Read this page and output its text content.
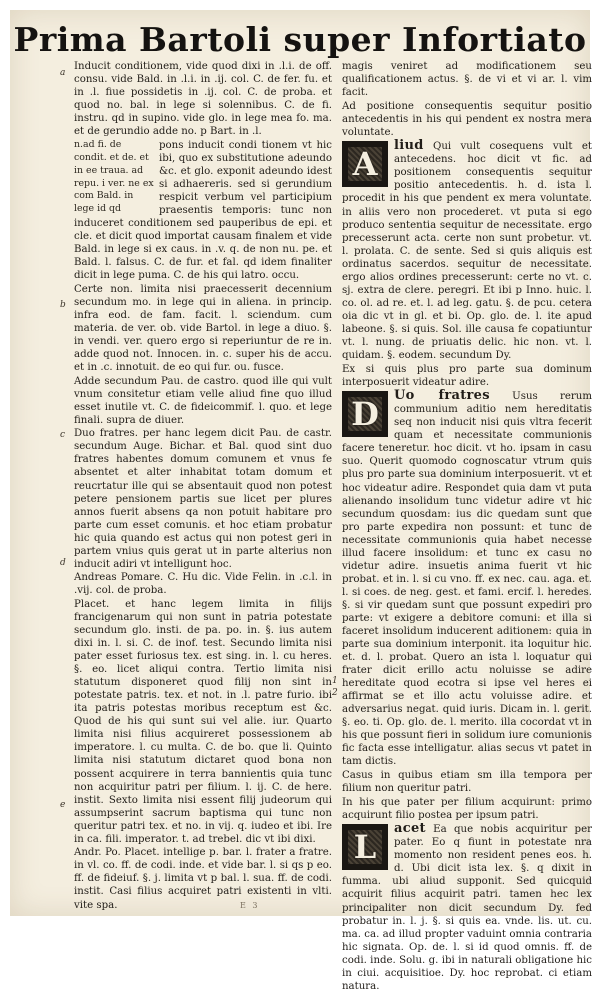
Prima Bartoli super Infortiato
a
b
c
d
e
1
2

Inducit conditionem, vide quod dixi in .l.i. de off. consu. vide Bald. in .l.i. in .ij. col. C. de fer. fu. et in .l. fiue possidetis in .ij. col. C. de proba. et quod no. bal. in lege si solennibus. C. de fi. instru. qd in supino. vide glo. in lege mea fo. ma. et de gerundio adde no. p Bart. in .l.

n.ad fi. de condit. et de. et in ee traua. ad repu. i ver. ne ex com Bald. in lege id qd
pons inducit condi tionem vt hic ibi, quo ex substitutione adeundo &c. et glo. exponit adeundo idest si adhaereris. sed si gerundium respicit verbum vel participium praesentis temporis: tunc non induceret conditionem sed pauperibus de epi. et cle. et dicit quod importat causam finalem et vide Bald. in lege si ex caus. in .v. q. de non nu. pe. et Bald. l. falsus. C. de fur. et fal. qd idem finaliter dicit in lege puma. C. de his qui latro. occu.

Certe non. limita nisi praecesserit decennium secundum mo. in lege qui in aliena. in princip. infra eod. de fam. facit. l. sciendum. cum materia. de ver. ob. vide Bartol. in lege a diuo. §. in vendi. ver. quero ergo si reperiuntur de re in. adde quod not. Innocen. in. c. super his de accu. et in .c. innotuit. de eo qui fur. ou. fusce.

Adde secundum Pau. de castro. quod ille qui vult vnum consitetur etiam velle aliud fine quo illud esset inutile vt. C. de fideicommif. l. quo. et lege finali. supra de diuer.

Duo fratres. per hanc legem dicit Pau. de castr. secundum Auge. Bichar. et Bal. quod sint duo fratres habentes domum comunem et vnus fe absentet et alter inhabitat totam domum et reucrtatur ille qui se absentauit quod non potest petere pensionem partis sue licet per plures annos fuerit absens qa non potuit habitare pro parte cum esset comunis. et hoc etiam probatur hic quia quando est actus qui non potest geri in partem vnius quis gerat ut in parte alterius non inducit adiri vt intelligunt hoc.

Andreas Pomare. C. Hu dic. Vide Felin. in .c.l. in .vij. col. de proba.

Placet. et hanc legem limita in filijs francigenarum qui non sunt in patria potestate secundum glo. insti. de pa. po. in. §. ius autem dixi in. l. si. C. de inof. test. Secundo limita nisi pater esset furiosus tex. est sing. in. l. cu heres. §. eo. licet aliqui contra. Tertio limita nisi statutum disponeret quod filij non sint in potestate patris. tex. et not. in .l. patre furio. ibi ita patris potestas moribus receptum est &c. Quod de his qui sunt sui vel alie. iur. Quarto limita nisi filius acquireret possessionem ab imperatore. l. cu multa. C. de bo. que li. Quinto limita nisi statutum dictaret quod bona non possent acquirere in terra bannientis quia tunc non acquiritur patri per filium. l. ij. C. de here. instit. Sexto limita nisi essent filij judeorum qui assumpserint sacrum baptisma qui tunc non queritur patri tex. et no. in vij. q. iudeo et ibi. Ire in ca. fili. imperator. t. ad trebel. dic vt ibi dixi.

Andr. Po. Placet. intellige p. bar. l. frater a fratre. in vl. co. ff. de codi. inde. et vide bar. l. si qs p eo. ff. de fideiuf. §. j. limita vt p bal. l. sua. ff. de codi. instit. Casi filius acquiret patri existenti in vlti. vite spa.

magis veniret ad modificationem seu qualificationem actus. §. de vi et vi ar. l. vim facit.

Ad positione consequentis sequitur positio antecedentis in his qui pendent ex nostra mera voluntate.

A liud Qui vult cosequens vult et antecedens. hoc dicit vt fic. ad positionem consequentis sequitur positio antecedentis. h. d. ista l. procedit in his que pendent ex mera voluntate. in aliis vero non procederet. vt puta si ego produco sententia sequitur de necessitate. ergo precesserunt acta. certe non sunt probetur. vt. l. prolata. C. de sente. Sed si quis aliquis est ordinatus sacerdos. sequitur de necessitate. ergo alios ordines precesserunt: certe no vt. c. sj. extra de clere. peregri. Et ibi p Inno. huic. l. co. ol. ad re. et. l. ad leg. gatu. §. de pcu. cetera oia dic vt in gl. et bi. Op. glo. de. l. ite apud labeone. §. si quis. Sol. ille causa fe copatiuntur vt. l. nung. de priuatis delic. hic non. vt. l. quidam. §. eodem. secundum Dy.

Ex si quis plus pro parte sua dominum interposuerit videatur adire.

D Uo fratres Usus rerum communium aditio nem hereditatis seq non inducit nisi quis vltra fecerit quam et necessitate communionis facere teneretur. hoc dicit. vt ho. ipsam in casu suo. Querit quomodo cognoscatur vtrum quis plus pro parte sua dominium interposuerit. vt et hoc videatur adire. Respondet quia dam vt puta alienando insolidum tunc videtur adire vt hic secundum quosdam: ius dic quedam sunt que pro parte expedira non possunt: et tunc de necessitate communionis quia habet necesse illud facere insolidum: et tunc ex casu no videtur adire. insuetis anima fuerit vt hic probat. et in. l. si cu vno. ff. ex nec. cau. aga. et. l. si coes. de neg. gest. et fami. ercif. l. heredes. §. si vir quedam sunt que possunt expediri pro parte: vt exigere a debitore comuni: et illa si faceret insolidum inducerent aditionem: quia in parte sua dominium interponit. ita loquitur hic. et. d. l. probat. Quero an ista l. loquatur qui frater dicit erillo actu noluisse se adire hereditate quod ecotra si ipse vel heres ei affirmat se et illo actu voluisse adire. et adversarius negat. quid iuris. Dicam in. l. gerit. §. eo. ti. Op. glo. de. l. merito. illa cocordat vt in his que possunt fieri in solidum iure comunionis fic facta esse intelligatur. alias secus vt patet in tam dictis.

Casus in quibus etiam sm illa tempora per filium non queritur patri.

In his que pater per filium acquirunt: primo acquirunt filio postea per ipsum patri.

L acet Ea que nobis acquiritur per pater. Eo q fiunt in potestate nra momento non resident penes eos. h. d. Ubi dicit ista lex. §. q dixit in fumma. ubi aliud supponit. Sed quicquid acquirit filius acquirit patri. tamen hec lex principaliter non dicit secundum Dy. fed probatur in. l. j. §. si quis ea. vnde. lis. ut. cu. ma. ca. ad illud propter vaduint omnia contraria hic signata. Op. de. l. si id quod omnis. ff. de codi. inde. Solu. g. ibi in naturali obligatione hic in ciui. acquisitioe. Dy. hoc reprobat. ci etiam natura.

E 3
